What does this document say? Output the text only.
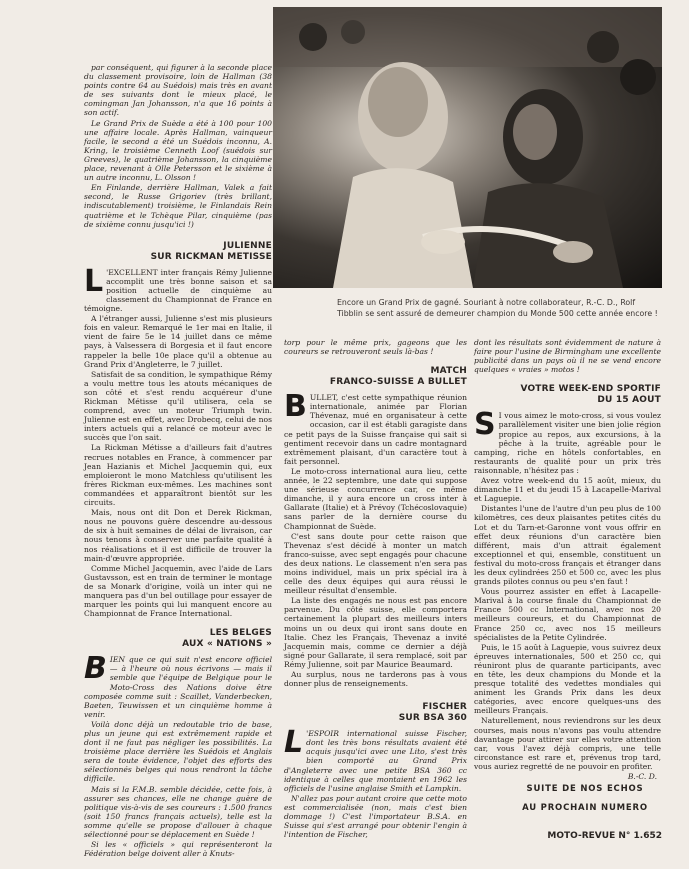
par conséquent, qui figurer à la seconde place du classement provisoire, loin de Hallman (38 points contre 64 au Suédois) mais très en avant de ses suivants dont le mieux placé, le comingman Jan Johansson, n'a que 16 points à son actif.

Le Grand Prix de Suède a été à 100 pour 100 une affaire locale. Après Hallman, vainqueur facile, le second a été un Suédois inconnu, A. Kring, le troisième Cenneth Loof (suédois sur Greeves), le quatrième Johansson, la cinquième place, revenant à Olle Petersson et le sixième à un autre inconnu, L. Olsson !

En Finlande, derrière Hallman, Valek a fait second, le Russe Grigoriev (très brillant, indiscutablement) troisième, le Finlandais Rein quatrième et le Tchèque Pilar, cinquième (pas de sixième connu jusqu'ici !)

JULIENNE
SUR RICKMAN METISSE
L 'EXCELLENT inter français Rémy Julienne accomplit une très bonne saison et sa position actuelle de cinquième au classement du Championnat de France en témoigne.

A l'étranger aussi, Julienne s'est mis plusieurs fois en valeur. Remarqué le 1er mai en Italie, il vient de faire 5e le 14 juillet dans ce même pays, à Valsessera di Borgesia et il faut encore rappeler la belle 10e place qu'il a obtenue au Grand Prix d'Angleterre, le 7 juillet.

Satisfait de sa condition, le sympathique Rémy a voulu mettre tous les atouts mécaniques de son côté et s'est rendu acquéreur d'une Rickman Métisse qu'il utilisera, cela se comprend, avec un moteur Triumph twin. Julienne est en effet, avec Drobecq, celui de nos inters actuels qui a relancé ce moteur avec le succès que l'on sait.

La Rickman Métisse a d'ailleurs fait d'autres recrues notables en France, à commencer par Jean Hazianis et Michel Jacquemin qui, eux emploieront le mono Matchless qu'utilisent les frères Rickman eux-mêmes. Les machines sont commandées et apparaîtront bientôt sur les circuits.

Mais, nous ont dit Don et Derek Rickman, nous ne pouvons guère descendre au-dessous de six à huit semaines de délai de livraison, car nous tenons à conserver une parfaite qualité à nos réalisations et il est difficile de trouver la main-d'œuvre appropriée.

Comme Michel Jacquemin, avec l'aide de Lars Gustavsson, est en train de terminer le montage de sa Monark d'origine, voilà un inter qui ne manquera pas d'un bel outillage pour essayer de marquer les points qui lui manquent encore au Championnat de France International.

LES BELGES
AUX « NATIONS »
B IEN que ce qui suit n'est encore officiel — à l'heure où nous écrivons — mais il semble que l'équipe de Belgique pour le Moto-Cross des Nations doive être composée comme suit : Scaillet, Vanderbecken, Baeten, Teuwissen et un cinquième homme à venir.

Voilà donc déjà un redoutable trio de base, plus un jeune qui est extrêmement rapide et dont il ne faut pas négliger les possibilités. La troisième place derrière les Suédois et Anglais sera de toute évidence, l'objet des efforts des sélectionnés belges qui nous rendront la tâche difficile.

Mais si la F.M.B. semble décidée, cette fois, à assurer ses chances, elle ne change guère de politique vis-à-vis de ses coureurs : 1.500 francs (soit 150 francs français actuels), telle est la somme qu'elle se propose d'allouer à chaque sélectionné pour se déplacement en Suède !

Si les « officiels » qui représenteront la Fédération belge doivent aller à Knuts-

Encore un Grand Prix de gagné. Souriant à notre collaborateur, R.-C. D., Rolf Tibblin se sent assuré de demeurer champion du Monde 500 cette année encore !

torp pour le même prix, gageons que les coureurs se retrouveront seuls là-bas !

MATCH
FRANCO-SUISSE A BULLET
B ULLET, c'est cette sympathique réunion internationale, animée par Florian Thévenaz, mué en organisateur à cette occasion, car il est établi garagiste dans ce petit pays de la Suisse française qui sait si gentiment recevoir dans un cadre montagnard extrêmement plaisant, d'un caractère tout à fait personnel.

Le moto-cross international aura lieu, cette année, le 22 septembre, une date qui suppose une sérieuse concurrence car, ce même dimanche, il y aura encore un cross inter à Gallarate (Italie) et à Prévoy (Tchécoslovaquie) sans parler de la dernière course du Championnat de Suède.

C'est sans doute pour cette raison que Thevenaz s'est décidé à monter un match franco-suisse, avec sept engagés pour chacune des deux nations. Le classement n'en sera pas moins individuel, mais un prix spécial ira à celle des deux équipes qui aura réussi le meilleur résultat d'ensemble.

La liste des engagés ne nous est pas encore parvenue. Du côté suisse, elle comportera certainement la plupart des meilleurs inters moins un ou deux qui iront sans doute en Italie. Chez les Français, Thevenaz a invité Jacquemin mais, comme ce dernier a déjà signé pour Gallarate, il sera remplacé, soit par Rémy Julienne, soit par Maurice Beaumard.

Au surplus, nous ne tarderons pas à vous donner plus de renseignements.

FISCHER
SUR BSA 360
L 'ESPOIR international suisse Fischer, dont les très bons résultats avaient été acquis jusqu'ici avec une Lito, s'est très bien comporté au Grand Prix d'Angleterre avec une petite BSA 360 cc identique à celles que montaient en 1962 les officiels de l'usine anglaise Smith et Lampkin.

N'allez pas pour autant croire que cette moto est commercialisée (non, mais c'est bien dommage !) C'est l'importateur B.S.A. en Suisse qui s'est arrangé pour obtenir l'engin à l'intention de Fischer,

dont les résultats sont évidemment de nature à faire pour l'usine de Birmingham une excellente publicité dans un pays où il ne se vend encore quelques « vraies » motos !

VOTRE WEEK-END SPORTIF
DU 15 AOUT
S I vous aimez le moto-cross, si vous voulez parallèlement visiter une bien jolie région propice au repos, aux excursions, à la pêche à la truite, agréable pour le camping, riche en hôtels confortables, en restaurants de qualité pour un prix très raisonnable, n'hésitez pas :

Avez votre week-end du 15 août, mieux, du dimanche 11 et du jeudi 15 à Lacapelle-Marival et Laguepie.

Distantes l'une de l'autre d'un peu plus de 100 kilomètres, ces deux plaisantes petites cités du Lot et du Tarn-et-Garonne vont vous offrir en effet deux réunions d'un caractère bien différent, mais d'un attrait également exceptionnel et qui, ensemble, constituent un festival du moto-cross français et étranger dans les deux cylindrées 250 et 500 cc, avec les plus grands pilotes connus ou peu s'en faut !

Vous pourrez assister en effet à Lacapelle-Marival à la course finale du Championnat de France 500 cc International, avec nos 20 meilleurs coureurs, et du Championnat de France 250 cc, avec nos 15 meilleurs spécialistes de la Petite Cylindrée.

Puis, le 15 août à Laguepie, vous suivrez deux épreuves internationales, 500 et 250 cc, qui réuniront plus de quarante participants, avec en tête, les deux champions du Monde et la presque totalité des vedettes mondiales qui animent les Grands Prix dans les deux catégories, avec encore quelques-uns des meilleurs Français.

Naturellement, nous reviendrons sur les deux courses, mais nous n'avons pas voulu attendre davantage pour attirer sur elles votre attention car, vous l'avez déjà compris, une telle circonstance est rare et, prévenus trop tard, vous auriez regretté de ne pouvoir en profiter.

B.-C. D.
SUITE DE NOS ECHOS
AU PROCHAIN NUMERO
MOTO-REVUE N° 1.652
